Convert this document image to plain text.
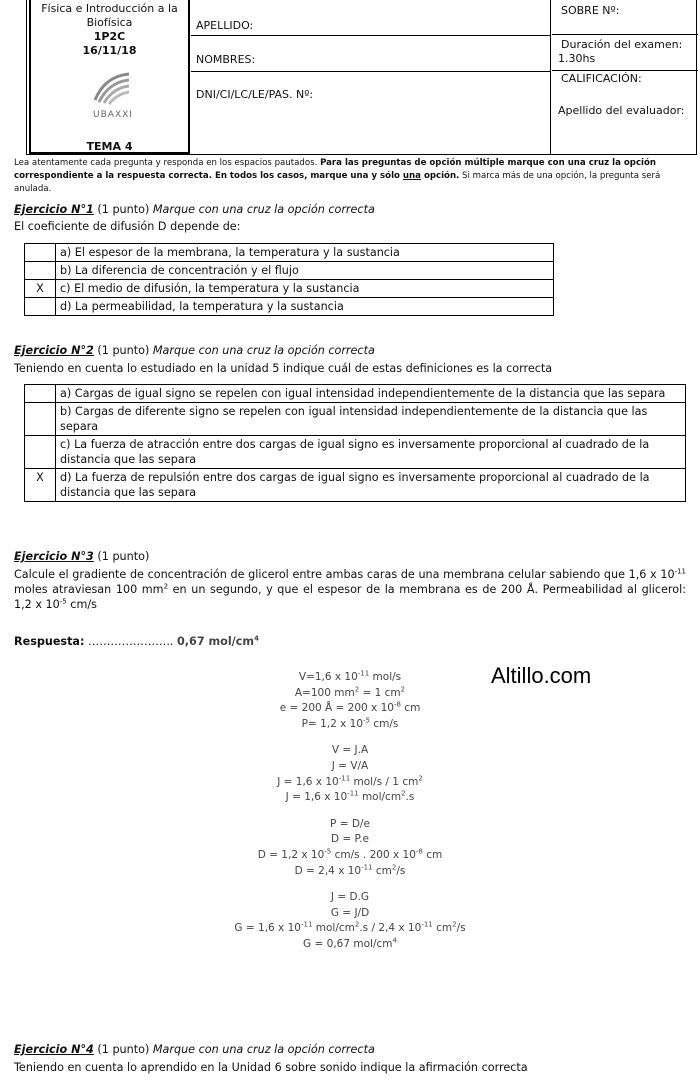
Física e Introducción a la
Biofísica
1P2C
16/11/18
UBAXXI
TEMA 4
APELLIDO:
NOMBRES:
DNI/CI/LC/LE/PAS. Nº:
SOBRE Nº:
Duración del examen:
1.30hs
CALIFICACIÓN:
Apellido del evaluador:
Lea atentamente cada pregunta y responda en los espacios pautados. Para las preguntas de opción múltiple marque con una cruz la opción correspondiente a la respuesta correcta. En todos los casos, marque una y sólo una opción. Si marca más de una opción, la pregunta será anulada.
Ejercicio N°1 (1 punto) Marque con una cruz la opción correcta
El coeficiente de difusión D depende de:
	a) El espesor de la membrana, la temperatura y la sustancia
	b) La diferencia de concentración y el flujo
X	c) El medio de difusión, la temperatura y la sustancia
	d) La permeabilidad, la temperatura y la sustancia
Ejercicio N°2 (1 punto) Marque con una cruz la opción correcta
Teniendo en cuenta lo estudiado en la unidad 5 indique cuál de estas definiciones es la correcta
	a) Cargas de igual signo se repelen con igual intensidad independientemente de la distancia que las separa
	b) Cargas de diferente signo se repelen con igual intensidad independientemente de la distancia que las separa
	c) La fuerza de atracción entre dos cargas de igual signo es inversamente proporcional al cuadrado de la distancia que las separa
X	d) La fuerza de repulsión entre dos cargas de igual signo es inversamente proporcional al cuadrado de la distancia que las separa
Ejercicio N°3 (1 punto)
Calcule el gradiente de concentración de glicerol entre ambas caras de una membrana celular sabiendo que 1,6 x $10^{-11}$ moles atraviesan 100 $mm^2$ en un segundo, y que el espesor de la membrana es de 200 Å. Permeabilidad al glicerol: 1,2 x $10^{-5}$ cm/s
Respuesta: ………………….. 0,67 mol/$cm^4$
Altillo.com
V=1,6 x $10^{-11}$ mol/s
A=100 $mm^2 = 1$ $cm^2$
e = 200 Å = 200 x $10^{-8}$ cm
P= 1,2 x $10^{-5}$ cm/s
V = J.A
J = V/A
J = 1,6 x $10^{-11}$ mol/s / 1 $cm^2$
J = 1,6 x $10^{-11}$ mol/$cm^2.s$
P = D/e
D = P.e
D = 1,2 x $10^{-5}$ cm/s . 200 x $10^{-8}$ cm
D = 2,4 x $10^{-11}$ $cm^2/s$
J = D.G
G = J/D
G = 1,6 x $10^{-11}$ mol/$cm^2.s / 2,4$ x $10^{-11}$ $cm^2/s$
G = 0,67 mol/$cm^4$
Ejercicio N°4 (1 punto) Marque con una cruz la opción correcta
Teniendo en cuenta lo aprendido en la Unidad 6 sobre sonido indique la afirmación correcta
